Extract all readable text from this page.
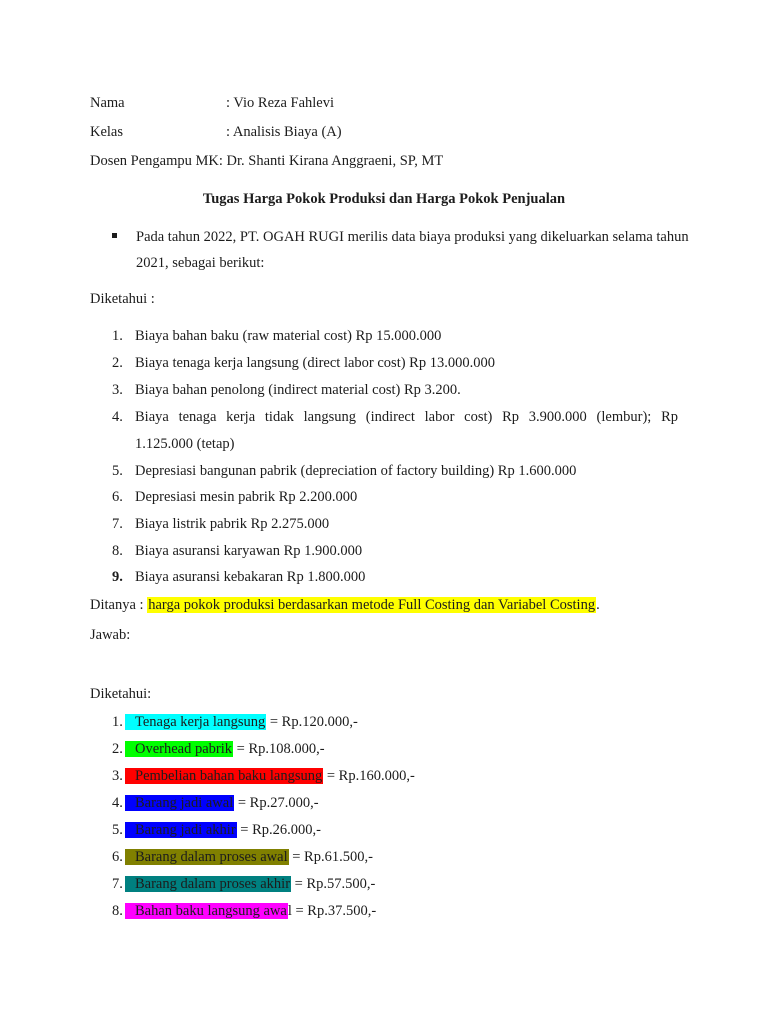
Nama	: Vio Reza Fahlevi
Kelas	: Analisis Biaya (A)
Dosen Pengampu MK: Dr. Shanti Kirana Anggraeni, SP, MT
Tugas Harga Pokok Produksi dan Harga Pokok Penjualan
Pada tahun 2022, PT. OGAH RUGI merilis data biaya produksi yang dikeluarkan selama tahun 2021, sebagai berikut:
Diketahui :
1. Biaya bahan baku (raw material cost) Rp 15.000.000
2. Biaya tenaga kerja langsung (direct labor cost) Rp 13.000.000
3. Biaya bahan penolong (indirect material cost) Rp 3.200.
4. Biaya tenaga kerja tidak langsung (indirect labor cost) Rp 3.900.000 (lembur); Rp
1.125.000 (tetap)
5. Depresiasi bangunan pabrik (depreciation of factory building) Rp 1.600.000
6. Depresiasi mesin pabrik Rp 2.200.000
7. Biaya listrik pabrik Rp 2.275.000
8. Biaya asuransi karyawan Rp 1.900.000
9. Biaya asuransi kebakaran Rp 1.800.000
Ditanya : harga pokok produksi berdasarkan metode Full Costing dan Variabel Costing.
Jawab:
Diketahui:
1. Tenaga kerja langsung = Rp.120.000,-
2. Overhead pabrik = Rp.108.000,-
3. Pembelian bahan baku langsung = Rp.160.000,-
4. Barang jadi awal = Rp.27.000,-
5. Barang jadi akhir = Rp.26.000,-
6. Barang dalam proses awal = Rp.61.500,-
7. Barang dalam proses akhir = Rp.57.500,-
8. Bahan baku langsung awal = Rp.37.500,-
